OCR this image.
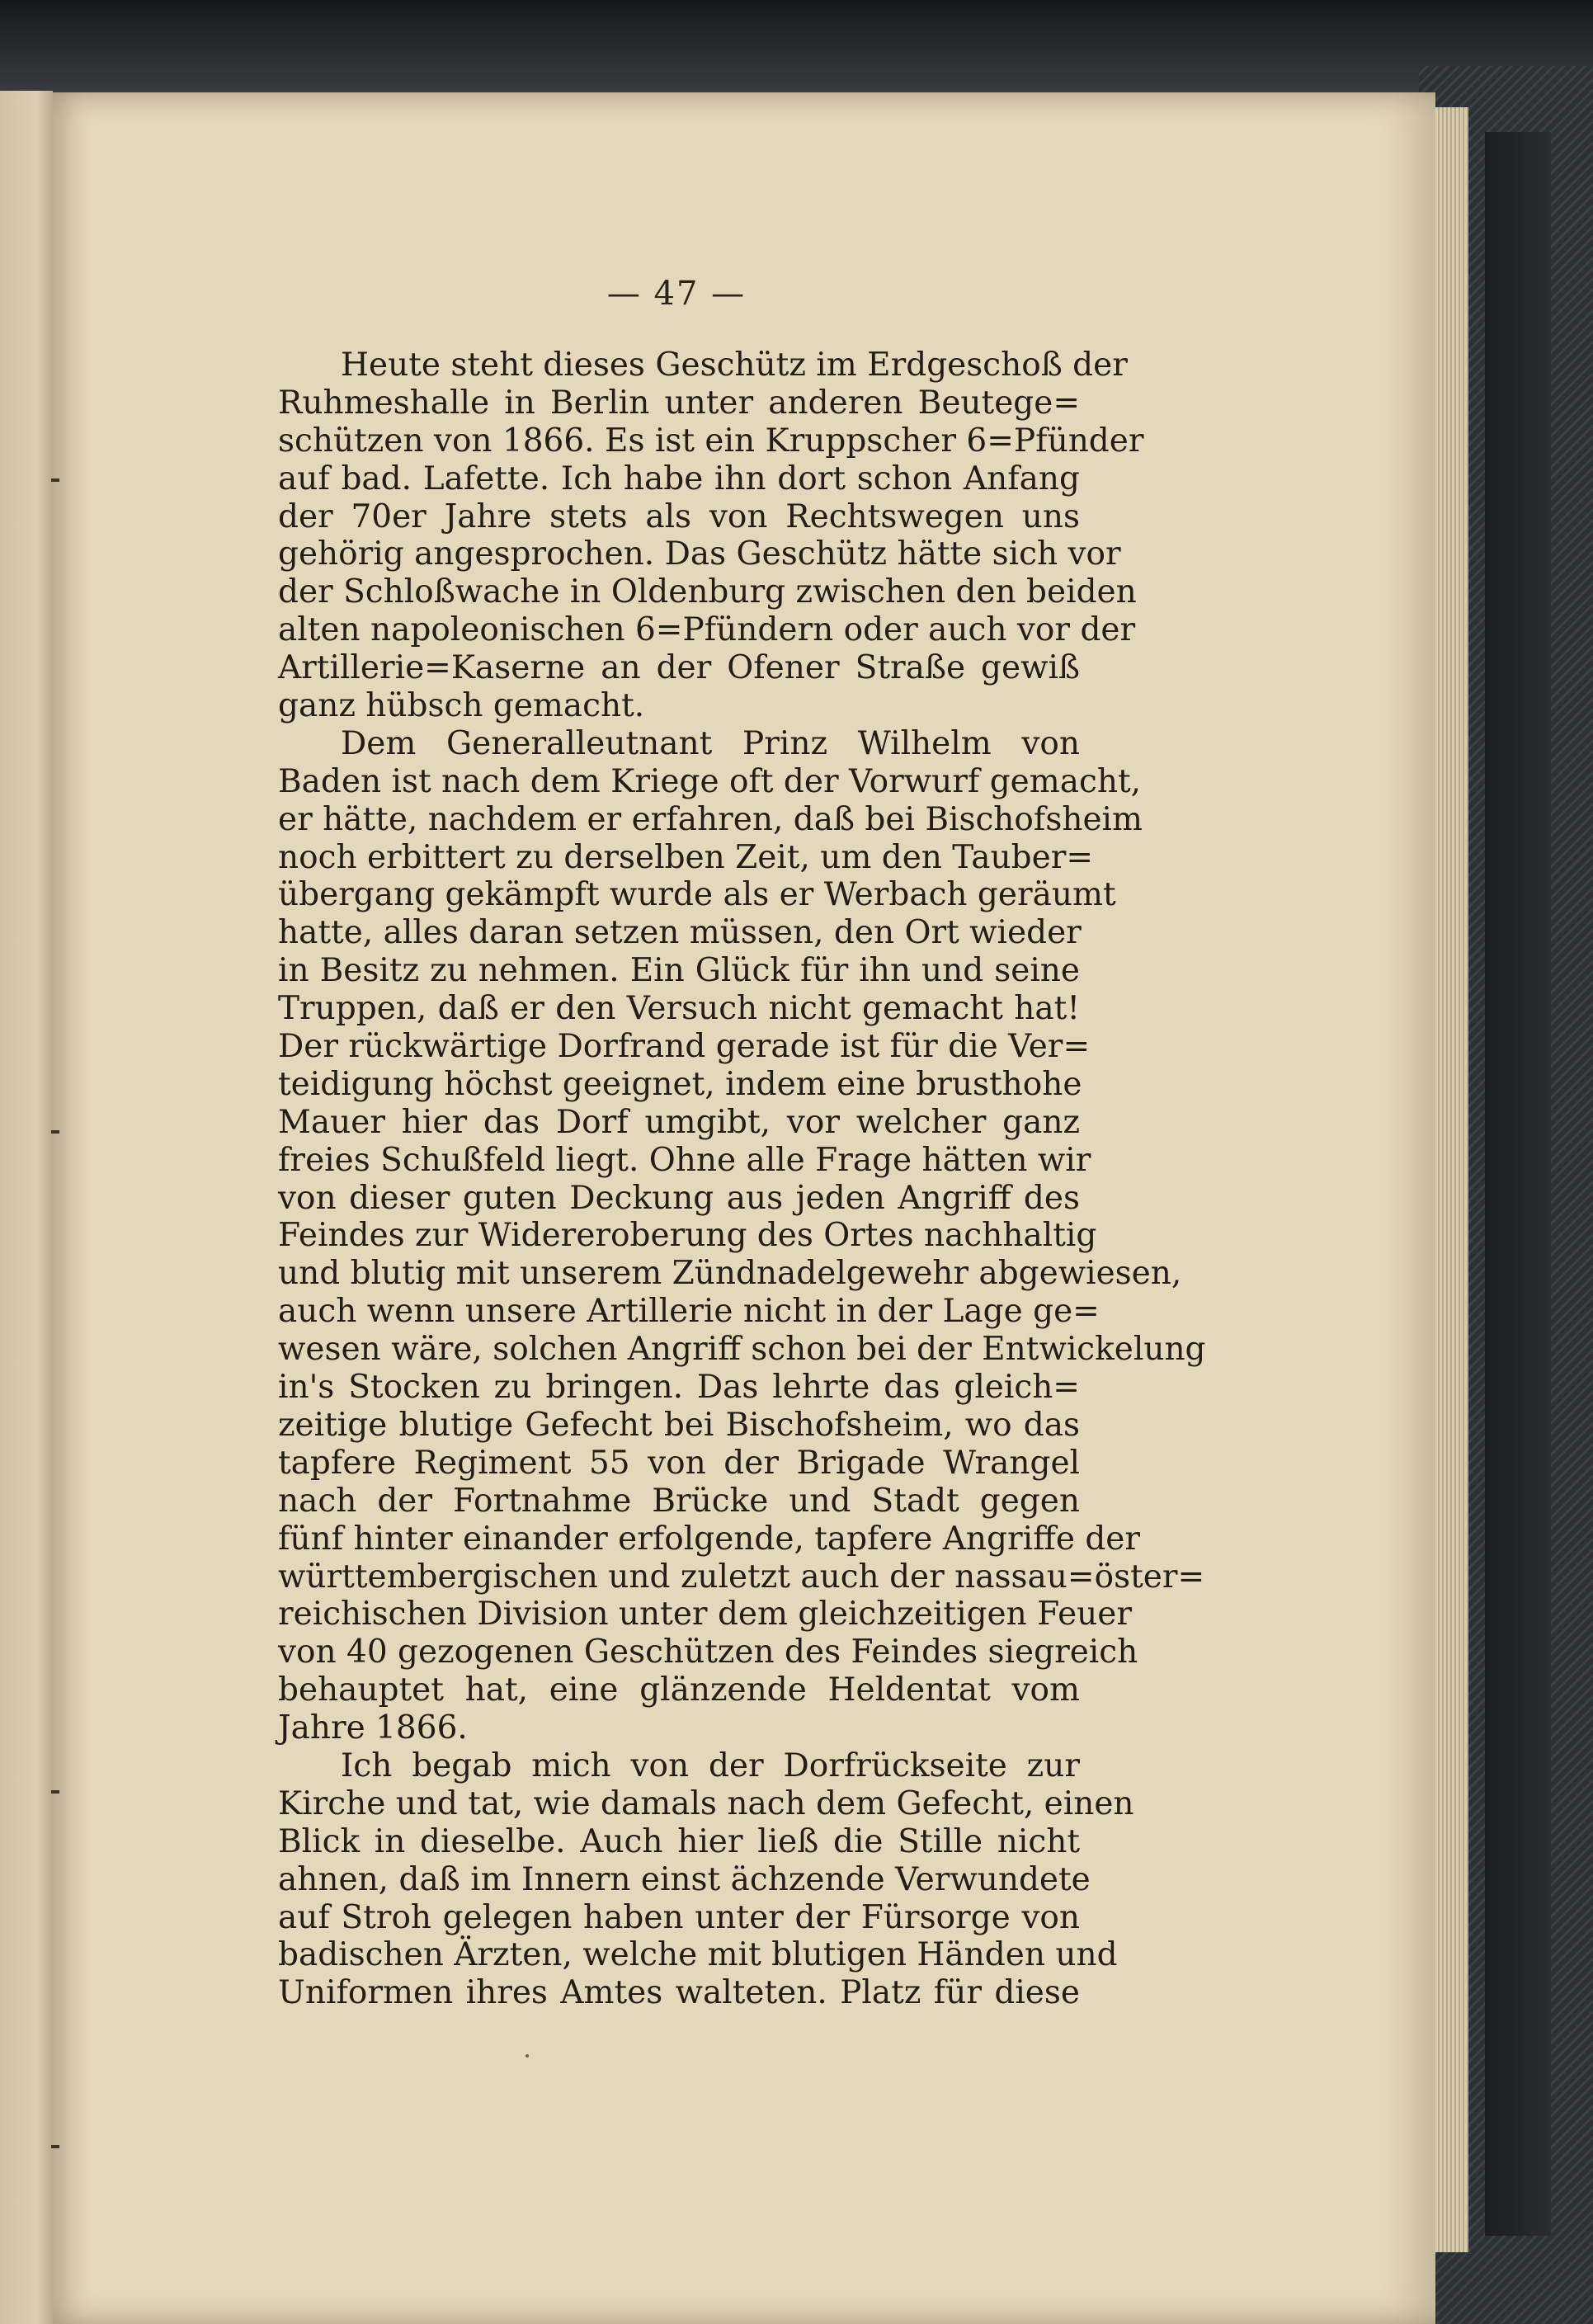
— 47 —
Heute steht dieses Geschütz im Erdgeschoß der
Ruhmeshalle in Berlin unter anderen Beutege=
schützen von 1866. Es ist ein Kruppscher 6=Pfünder
auf bad. Lafette. Ich habe ihn dort schon Anfang
der 70er Jahre stets als von Rechtswegen uns
gehörig angesprochen. Das Geschütz hätte sich vor
der Schloßwache in Oldenburg zwischen den beiden
alten napoleonischen 6=Pfündern oder auch vor der
Artillerie=Kaserne an der Ofener Straße gewiß
ganz hübsch gemacht.
Dem Generalleutnant Prinz Wilhelm von
Baden ist nach dem Kriege oft der Vorwurf gemacht,
er hätte, nachdem er erfahren, daß bei Bischofsheim
noch erbittert zu derselben Zeit, um den Tauber=
übergang gekämpft wurde als er Werbach geräumt
hatte, alles daran setzen müssen, den Ort wieder
in Besitz zu nehmen. Ein Glück für ihn und seine
Truppen, daß er den Versuch nicht gemacht hat!
Der rückwärtige Dorfrand gerade ist für die Ver=
teidigung höchst geeignet, indem eine brusthohe
Mauer hier das Dorf umgibt, vor welcher ganz
freies Schußfeld liegt. Ohne alle Frage hätten wir
von dieser guten Deckung aus jeden Angriff des
Feindes zur Widereroberung des Ortes nachhaltig
und blutig mit unserem Zündnadelgewehr abgewiesen,
auch wenn unsere Artillerie nicht in der Lage ge=
wesen wäre, solchen Angriff schon bei der Entwickelung
in's Stocken zu bringen. Das lehrte das gleich=
zeitige blutige Gefecht bei Bischofsheim, wo das
tapfere Regiment 55 von der Brigade Wrangel
nach der Fortnahme Brücke und Stadt gegen
fünf hinter einander erfolgende, tapfere Angriffe der
württembergischen und zuletzt auch der nassau=öster=
reichischen Division unter dem gleichzeitigen Feuer
von 40 gezogenen Geschützen des Feindes siegreich
behauptet hat, eine glänzende Heldentat vom
Jahre 1866.
Ich begab mich von der Dorfrückseite zur
Kirche und tat, wie damals nach dem Gefecht, einen
Blick in dieselbe. Auch hier ließ die Stille nicht
ahnen, daß im Innern einst ächzende Verwundete
auf Stroh gelegen haben unter der Fürsorge von
badischen Ärzten, welche mit blutigen Händen und
Uniformen ihres Amtes walteten. Platz für diese
